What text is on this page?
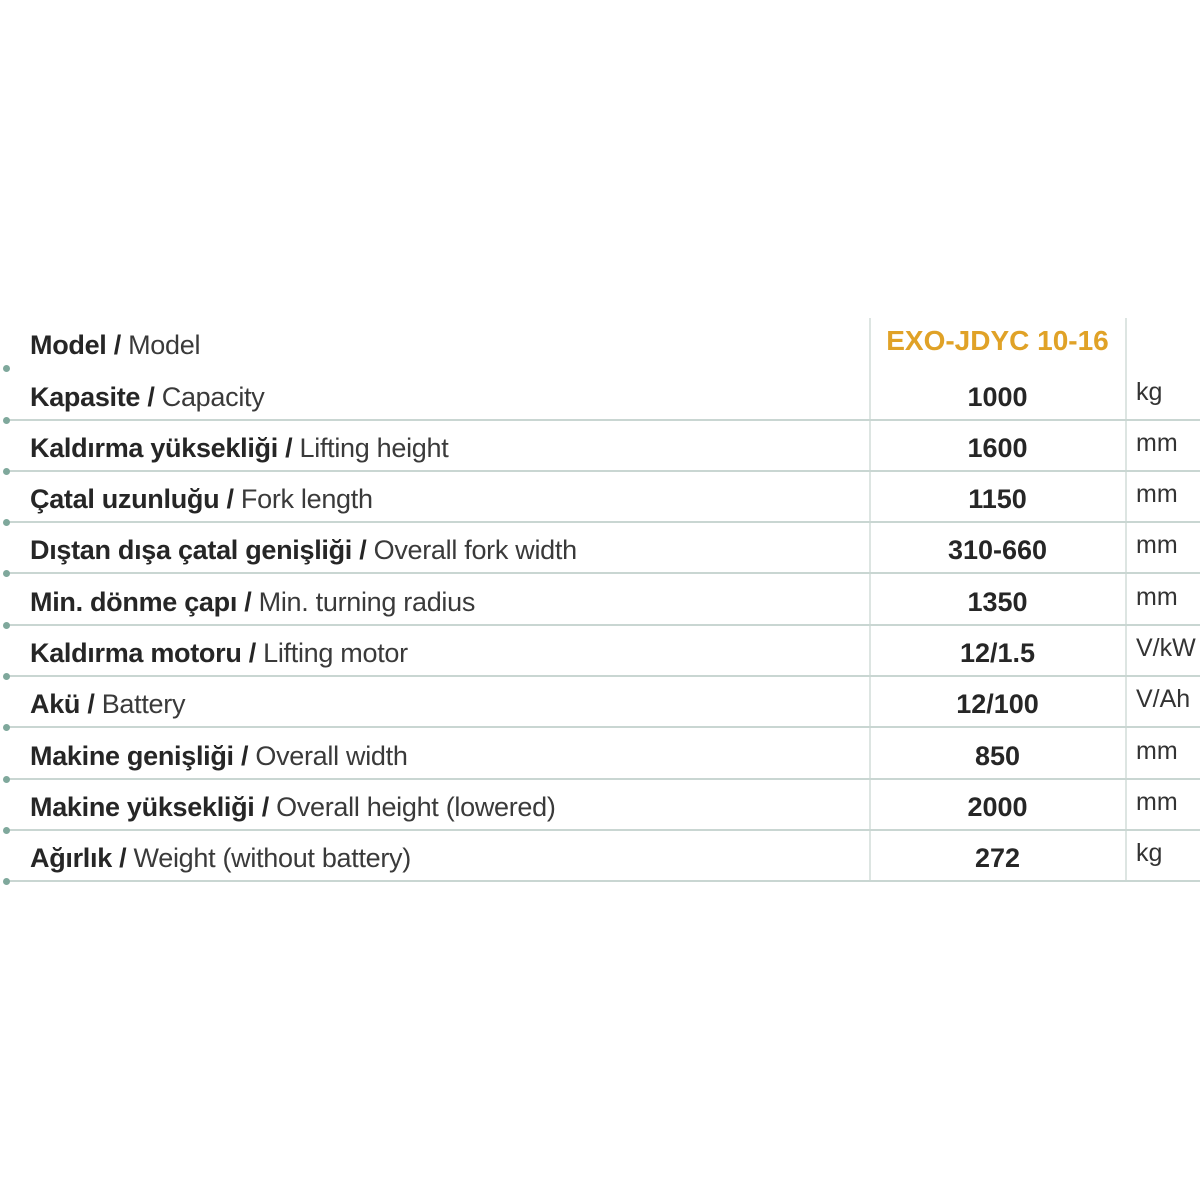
Model / Model	EXO-JDYC 10-16
Kapasite / Capacity	1000	kg
Kaldırma yüksekliği / Lifting height	1600	mm
Çatal uzunluğu / Fork length	1150	mm
Dıştan dışa çatal genişliği / Overall fork width	310-660	mm
Min. dönme çapı / Min. turning radius	1350	mm
Kaldırma motoru / Lifting motor	12/1.5	V/kW
Akü / Battery	12/100	V/Ah
Makine genişliği / Overall width	850	mm
Makine yüksekliği / Overall height (lowered)	2000	mm
Ağırlık / Weight (without battery)	272	kg
